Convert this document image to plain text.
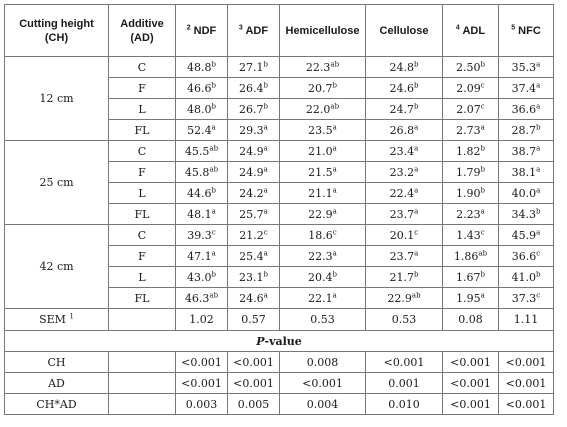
Cutting height (CH)	Additive (AD)	$^2$ NDF	$^3$ ADF	Hemicellulose	Cellulose	$^4$ ADL	$^5$ NFC
12 cm	C	48.8$^b$	27.1$^b$	22.3$^{ab}$	24.8$^b$	2.50$^b$	35.3$^a$
	F	46.6$^b$	26.4$^b$	20.7$^b$	24.6$^b$	2.09$^c$	37.4$^a$
	L	48.0$^b$	26.7$^b$	22.0$^{ab}$	24.7$^b$	2.07$^c$	36.6$^a$
	FL	52.4$^a$	29.3$^a$	23.5$^a$	26.8$^a$	2.73$^a$	28.7$^b$
25 cm	C	45.5$^{ab}$	24.9$^a$	21.0$^a$	23.4$^a$	1.82$^b$	38.7$^a$
	F	45.8$^{ab}$	24.9$^a$	21.5$^a$	23.2$^a$	1.79$^b$	38.1$^a$
	L	44.6$^b$	24.2$^a$	21.1$^a$	22.4$^a$	1.90$^b$	40.0$^a$
	FL	48.1$^a$	25.7$^a$	22.9$^a$	23.7$^a$	2.23$^a$	34.3$^b$
42 cm	C	39.3$^c$	21.2$^c$	18.6$^c$	20.1$^c$	1.43$^c$	45.9$^a$
	F	47.1$^a$	25.4$^a$	22.3$^a$	23.7$^a$	1.86$^{ab}$	36.6$^c$
	L	43.0$^b$	23.1$^b$	20.4$^b$	21.7$^b$	1.67$^b$	41.0$^b$
	FL	46.3$^{ab}$	24.6$^a$	22.1$^a$	22.9$^{ab}$	1.95$^a$	37.3$^c$
SEM $^1$		1.02	0.57	0.53	0.53	0.08	1.11
P-value							
CH		<0.001	<0.001	0.008	<0.001	<0.001	<0.001
AD		<0.001	<0.001	<0.001	0.001	<0.001	<0.001
CH*AD		0.003	0.005	0.004	0.010	<0.001	<0.001
